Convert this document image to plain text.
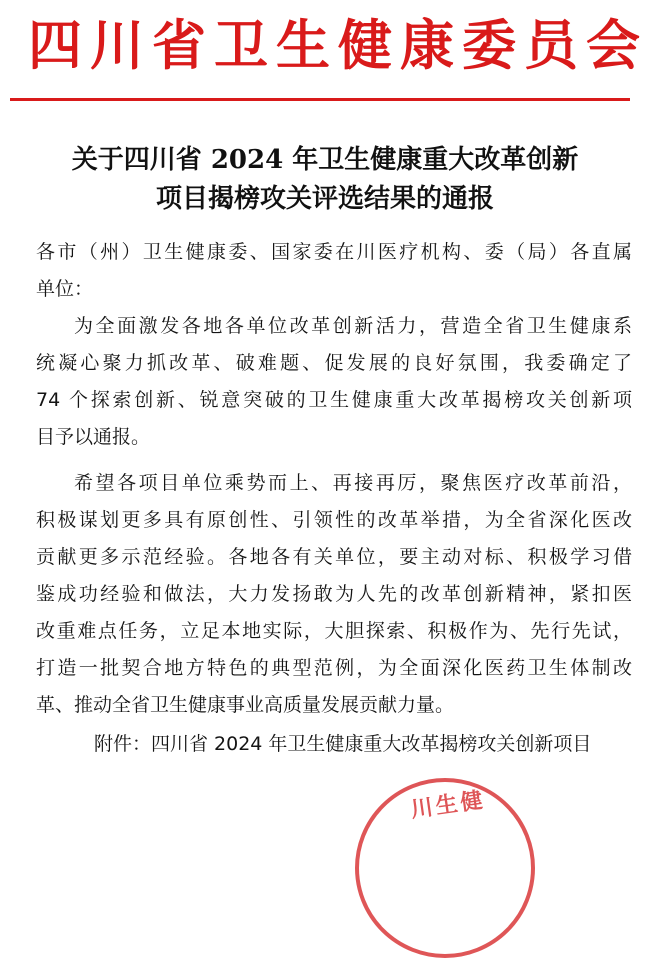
四川省卫生健康委员会
关于四川省 2024 年卫生健康重大改革创新
项目揭榜攻关评选结果的通报
各市（州）卫生健康委、国家委在川医疗机构、委（局）各直属
单位：
为全面激发各地各单位改革创新活力，营造全省卫生健康系
统凝心聚力抓改革、破难题、促发展的良好氛围，我委确定了
74 个探索创新、锐意突破的卫生健康重大改革揭榜攻关创新项
目予以通报。
希望各项目单位乘势而上、再接再厉，聚焦医疗改革前沿，
积极谋划更多具有原创性、引领性的改革举措，为全省深化医改
贡献更多示范经验。各地各有关单位，要主动对标、积极学习借
鉴成功经验和做法，大力发扬敢为人先的改革创新精神，紧扣医
改重难点任务，立足本地实际，大胆探索、积极作为、先行先试，
打造一批契合地方特色的典型范例，为全面深化医药卫生体制改
革、推动全省卫生健康事业高质量发展贡献力量。
附件：四川省 2024 年卫生健康重大改革揭榜攻关创新项目
川生健
